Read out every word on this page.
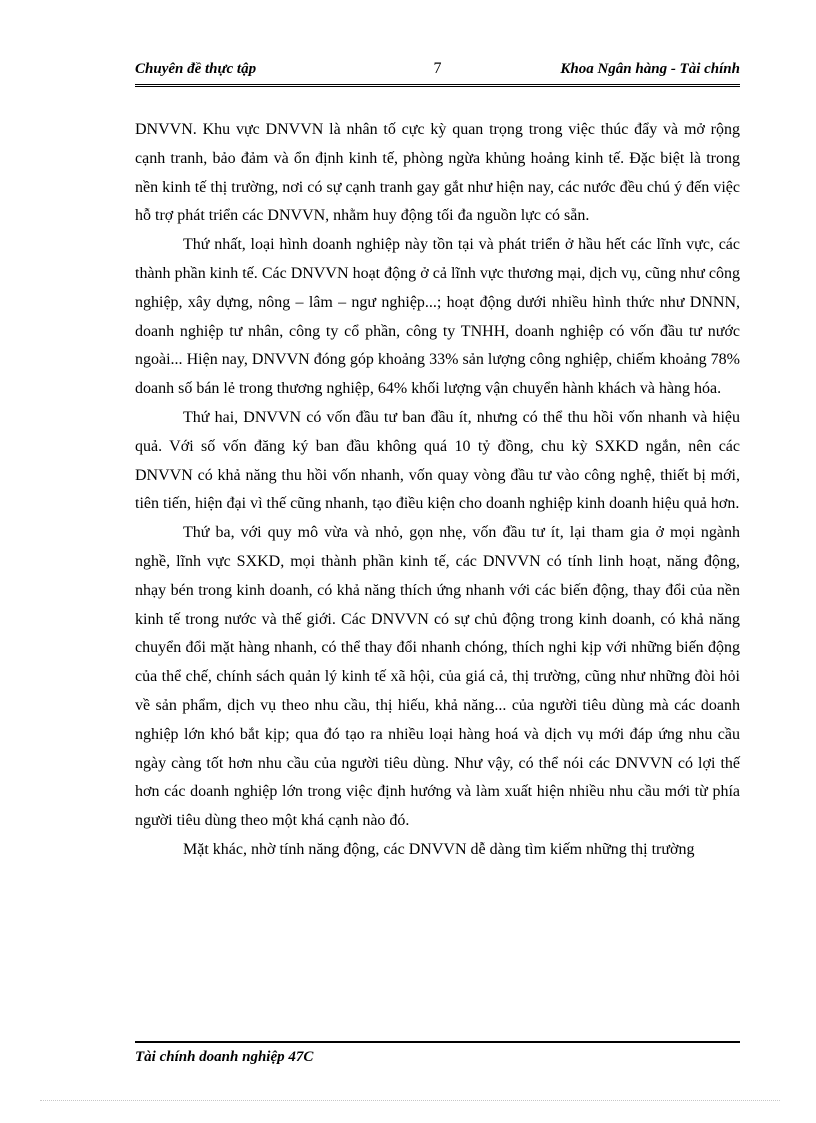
Chuyên đề thực tập	7	Khoa Ngân hàng - Tài chính

DNVVN. Khu vực DNVVN là nhân tố cực kỳ quan trọng trong việc thúc đẩy và mở rộng cạnh tranh, bảo đảm và ổn định kinh tế, phòng ngừa khủng hoảng kinh tế. Đặc biệt là trong nền kinh tế thị trường, nơi có sự cạnh tranh gay gắt như hiện nay, các nước đều chú ý đến việc hỗ trợ phát triển các DNVVN, nhằm huy động tối đa nguồn lực có sẵn.

Thứ nhất, loại hình doanh nghiệp này tồn tại và phát triển ở hầu hết các lĩnh vực, các thành phần kinh tế. Các DNVVN hoạt động ở cả lĩnh vực thương mại, dịch vụ, cũng như công nghiệp, xây dựng, nông – lâm – ngư nghiệp...; hoạt động dưới nhiều hình thức như DNNN, doanh nghiệp tư nhân, công ty cổ phần, công ty TNHH, doanh nghiệp có vốn đầu tư nước ngoài... Hiện nay, DNVVN đóng góp khoảng 33% sản lượng công nghiệp, chiếm khoảng 78% doanh số bán lẻ trong thương nghiệp, 64% khối lượng vận chuyển hành khách và hàng hóa.

Thứ hai, DNVVN có vốn đầu tư ban đầu ít, nhưng có thể thu hồi vốn nhanh và hiệu quả. Với số vốn đăng ký ban đầu không quá 10 tỷ đồng, chu kỳ SXKD ngắn, nên các DNVVN có khả năng thu hồi vốn nhanh, vốn quay vòng đầu tư vào công nghệ, thiết bị mới, tiên tiến, hiện đại vì thế cũng nhanh, tạo điều kiện cho doanh nghiệp kinh doanh hiệu quả hơn.

Thứ ba, với quy mô vừa và nhỏ, gọn nhẹ, vốn đầu tư ít, lại tham gia ở mọi ngành nghề, lĩnh vực SXKD, mọi thành phần kinh tế, các DNVVN có tính linh hoạt, năng động, nhạy bén trong kinh doanh, có khả năng thích ứng nhanh với các biến động, thay đổi của nền kinh tế trong nước và thế giới. Các DNVVN có sự chủ động trong kinh doanh, có khả năng chuyển đổi mặt hàng nhanh, có thể thay đổi nhanh chóng, thích nghi kịp với những biến động của thể chế, chính sách quản lý kinh tế xã hội, của giá cả, thị trường, cũng như những đòi hỏi về sản phẩm, dịch vụ theo nhu cầu, thị hiếu, khả năng... của người tiêu dùng mà các doanh nghiệp lớn khó bắt kịp; qua đó tạo ra nhiều loại hàng hoá và dịch vụ mới đáp ứng nhu cầu ngày càng tốt hơn nhu cầu của người tiêu dùng. Như vậy, có thể nói các DNVVN có lợi thế hơn các doanh nghiệp lớn trong việc định hướng và làm xuất hiện nhiều nhu cầu mới từ phía người tiêu dùng theo một khá cạnh nào đó.

Mặt khác, nhờ tính năng động, các DNVVN dễ dàng tìm kiếm những thị trường

Tài chính doanh nghiệp 47C
